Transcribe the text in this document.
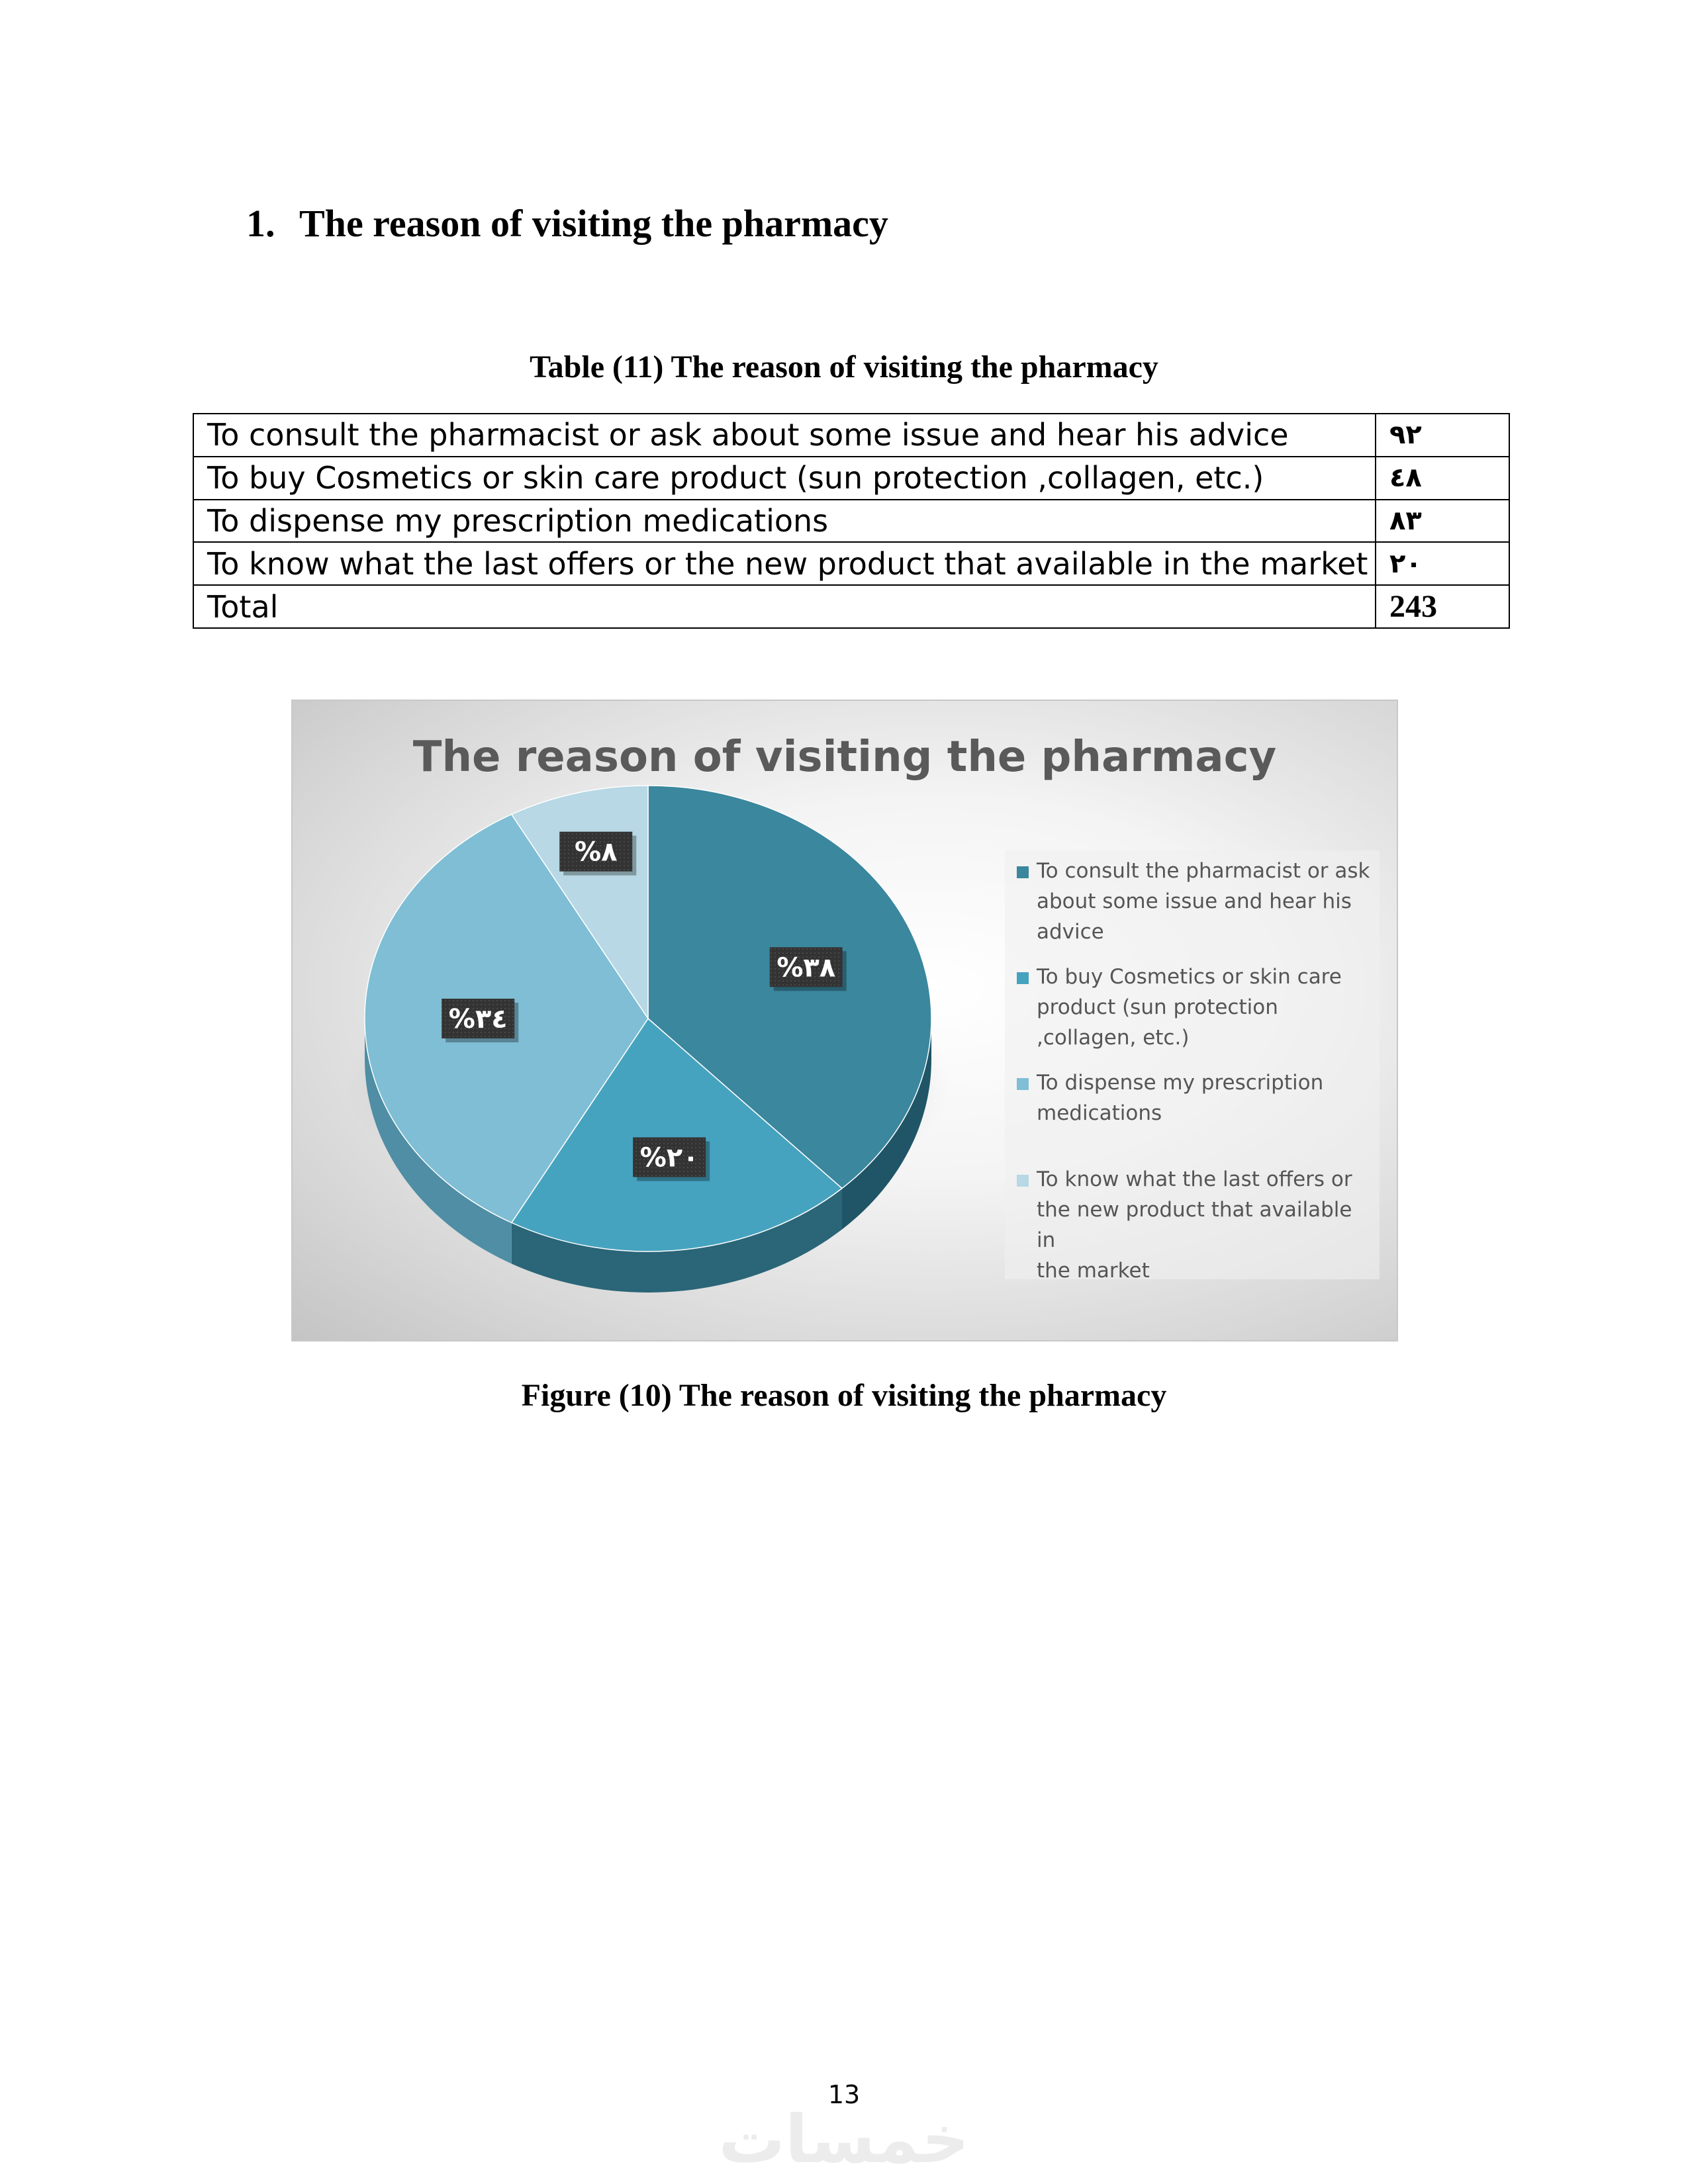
1. The reason of visiting the pharmacy
Table (11) The reason of visiting the pharmacy
To consult the pharmacist or ask about some issue and hear his advice	٩٢
To buy Cosmetics or skin care product (sun protection ,collagen, etc.)	٤٨
To dispense my prescription medications	٨٣
To know what the last offers or the new product that available in the market	٢٠
Total	243
The reason of visiting the pharmacy
%٣٨
%٢٠
%٣٤
%٨
To consult the pharmacist or ask
about some issue and hear his
advice
To buy Cosmetics or skin care
product (sun protection
,collagen, etc.)
To dispense my prescription
medications
To know what the last offers or
the new product that available in
the market
Figure (10) The reason of visiting the pharmacy
13
خمسات
